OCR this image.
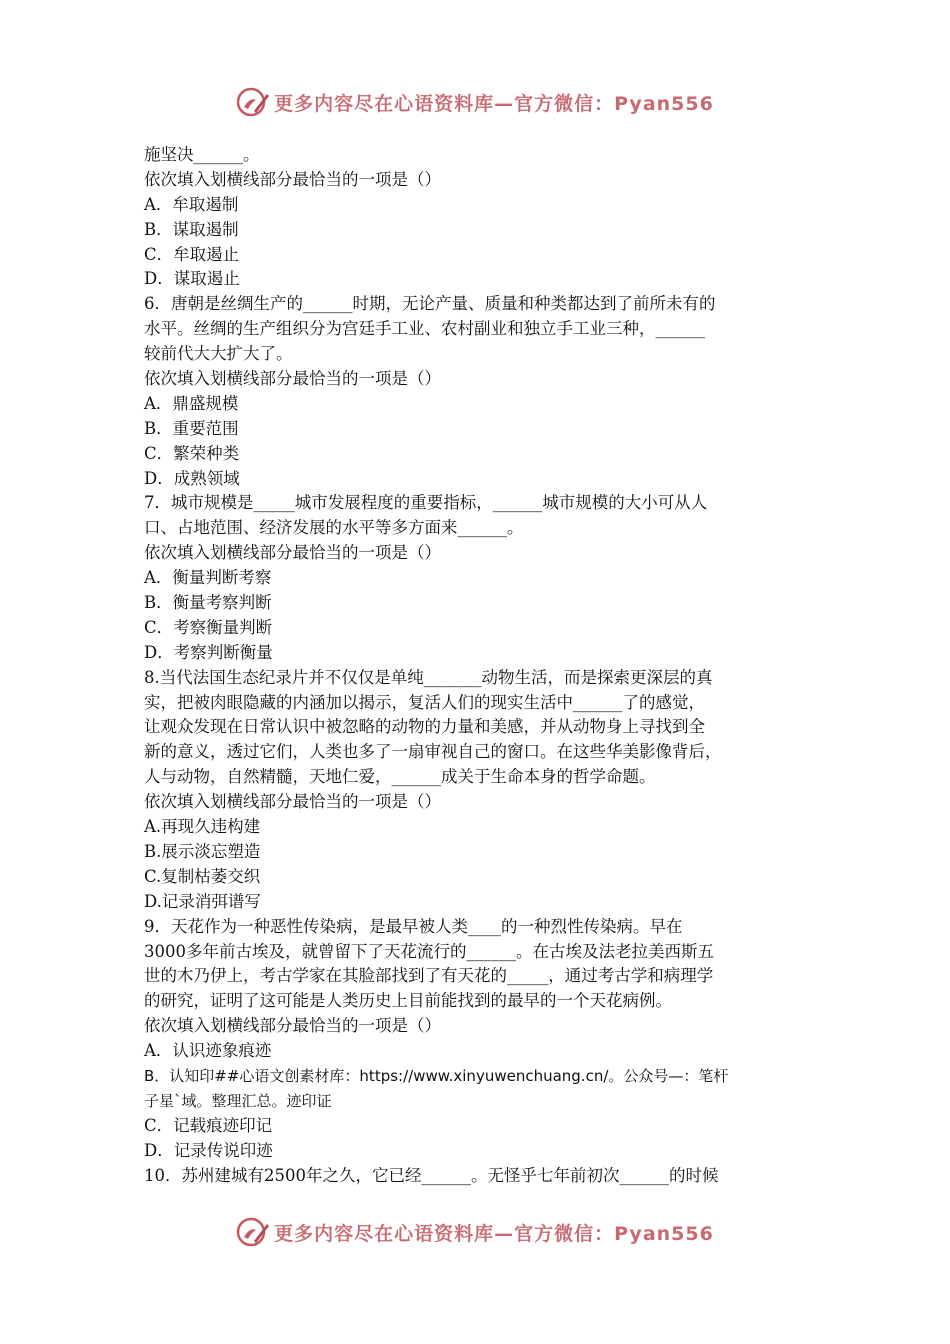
更多内容尽在心语资料库—官方微信：Pyan556
施坚决______。
依次填入划横线部分最恰当的一项是（）
A．牟取遏制
B．谋取遏制
C．牟取遏止
D．谋取遏止
6．唐朝是丝绸生产的______时期，无论产量、质量和种类都达到了前所未有的
水平。丝绸的生产组织分为宫廷手工业、农村副业和独立手工业三种，______
较前代大大扩大了。
依次填入划横线部分最恰当的一项是（）
A．鼎盛规模
B．重要范围
C．繁荣种类
D．成熟领域
7．城市规模是_____城市发展程度的重要指标，______城市规模的大小可从人
口、占地范围、经济发展的水平等多方面来______。
依次填入划横线部分最恰当的一项是（）
A．衡量判断考察
B．衡量考察判断
C．考察衡量判断
D．考察判断衡量
8.当代法国生态纪录片并不仅仅是单纯_______动物生活，而是探索更深层的真
实，把被肉眼隐藏的内涵加以揭示，复活人们的现实生活中______了的感觉，
让观众发现在日常认识中被忽略的动物的力量和美感，并从动物身上寻找到全
新的意义，透过它们，人类也多了一扇审视自己的窗口。在这些华美影像背后，
人与动物，自然精髓，天地仁爱，______成关于生命本身的哲学命题。
依次填入划横线部分最恰当的一项是（）
A.再现久违构建
B.展示淡忘塑造
C.复制枯萎交织
D.记录消弭谱写
9．天花作为一种恶性传染病，是最早被人类____的一种烈性传染病。早在
3000多年前古埃及，就曾留下了天花流行的______。在古埃及法老拉美西斯五
世的木乃伊上，考古学家在其脸部找到了有天花的_____，通过考古学和病理学
的研究，证明了这可能是人类历史上目前能找到的最早的一个天花病例。
依次填入划横线部分最恰当的一项是（）
A．认识迹象痕迹
B．认知印##心语文创素材库：https://www.xinyuwenchuang.cn/。公众号—：笔杆
子星`域。整理汇总。迹印证
C．记载痕迹印记
D．记录传说印迹
10．苏州建城有2500年之久，它已经______。无怪乎七年前初次______的时候
更多内容尽在心语资料库—官方微信：Pyan556
